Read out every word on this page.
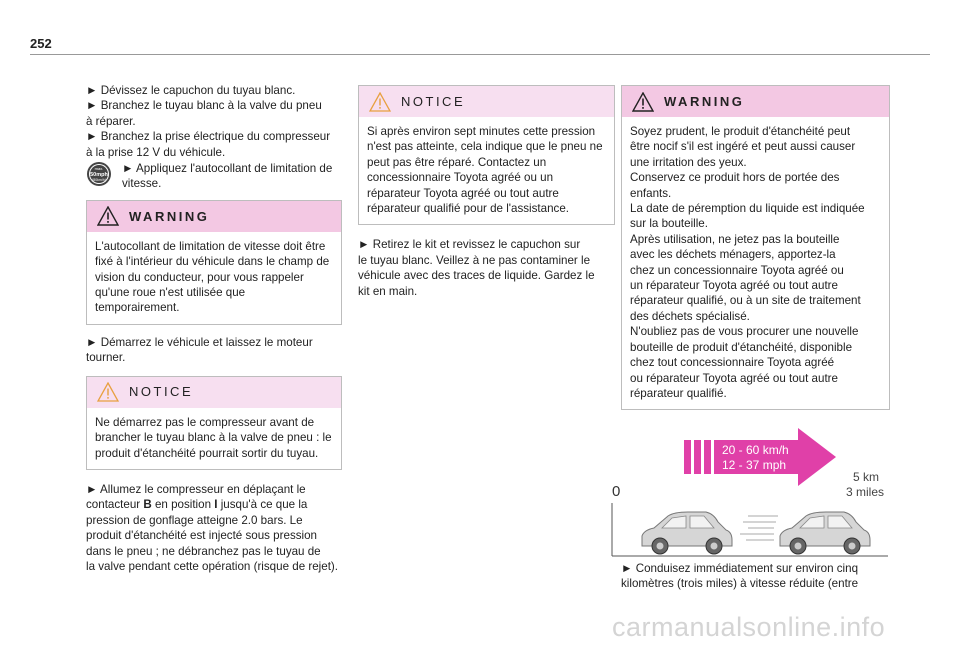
252

► Dévissez le capuchon du tuyau blanc.

► Branchez le tuyau blanc à la valve du pneu

à réparer.

► Branchez la prise électrique du compresseur

à la prise 12 V du véhicule.

max.
50mph
(80km/h)

► Appliquez l'autocollant de limitation de

vitesse.

WARNING

L'autocollant de limitation de vitesse doit être

fixé à l'intérieur du véhicule dans le champ de

vision du conducteur, pour vous rappeler

qu'une roue n'est utilisée que

temporairement.

► Démarrez le véhicule et laissez le moteur

tourner.

NOTICE

Ne démarrez pas le compresseur avant de

brancher le tuyau blanc à la valve de pneu : le

produit d'étanchéité pourrait sortir du tuyau.

► Allumez le compresseur en déplaçant le

contacteur B en position I jusqu'à ce que la

pression de gonflage atteigne 2.0 bars. Le

produit d'étanchéité est injecté sous pression

dans le pneu ; ne débranchez pas le tuyau de

la valve pendant cette opération (risque de rejet).

NOTICE

Si après environ sept minutes cette pression

n'est pas atteinte, cela indique que le pneu ne

peut pas être réparé. Contactez un

concessionnaire Toyota agréé ou un

réparateur Toyota agréé ou tout autre

réparateur qualifié pour de l'assistance.

► Retirez le kit et revissez le capuchon sur

le tuyau blanc. Veillez à ne pas contaminer le

véhicule avec des traces de liquide. Gardez le

kit en main.

WARNING

Soyez prudent, le produit d'étanchéité peut

être nocif s'il est ingéré et peut aussi causer

une irritation des yeux.

Conservez ce produit hors de portée des

enfants.

La date de péremption du liquide est indiquée

sur la bouteille.

Après utilisation, ne jetez pas la bouteille

avec les déchets ménagers, apportez-la

chez un concessionnaire Toyota agréé ou

un réparateur Toyota agréé ou tout autre

réparateur qualifié, ou à un site de traitement

des déchets spécialisé.

N'oubliez pas de vous procurer une nouvelle

bouteille de produit d'étanchéité, disponible

chez tout concessionnaire Toyota agréé

ou réparateur Toyota agréé ou tout autre

réparateur qualifié.

20 - 60 km/h
12 - 37 mph
0
5 km
3 miles

► Conduisez immédiatement sur environ cinq

kilomètres (trois miles) à vitesse réduite (entre

carmanualsonline.info
